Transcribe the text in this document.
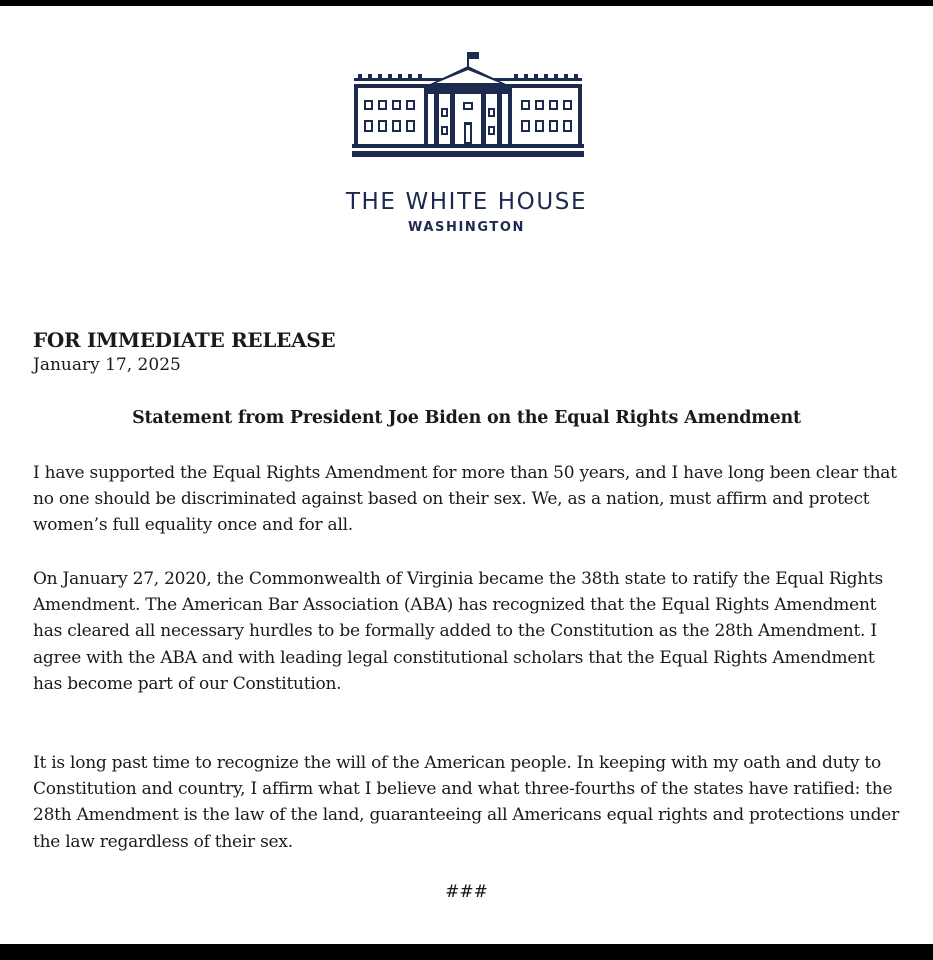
THE WHITE HOUSE
WASHINGTON
FOR IMMEDIATE RELEASE
January 17, 2025
Statement from President Joe Biden on the Equal Rights Amendment

I have supported the Equal Rights Amendment for more than 50 years, and I have long been clear that no one should be discriminated against based on their sex. We, as a nation, must affirm and protect women’s full equality once and for all.

On January 27, 2020, the Commonwealth of Virginia became the 38th state to ratify the Equal Rights Amendment. The American Bar Association (ABA) has recognized that the Equal Rights Amendment has cleared all necessary hurdles to be formally added to the Constitution as the 28th Amendment. I agree with the ABA and with leading legal constitutional scholars that the Equal Rights Amendment has become part of our Constitution.

It is long past time to recognize the will of the American people. In keeping with my oath and duty to Constitution and country, I affirm what I believe and what three-fourths of the states have ratified: the 28th Amendment is the law of the land, guaranteeing all Americans equal rights and protections under the law regardless of their sex.

###
